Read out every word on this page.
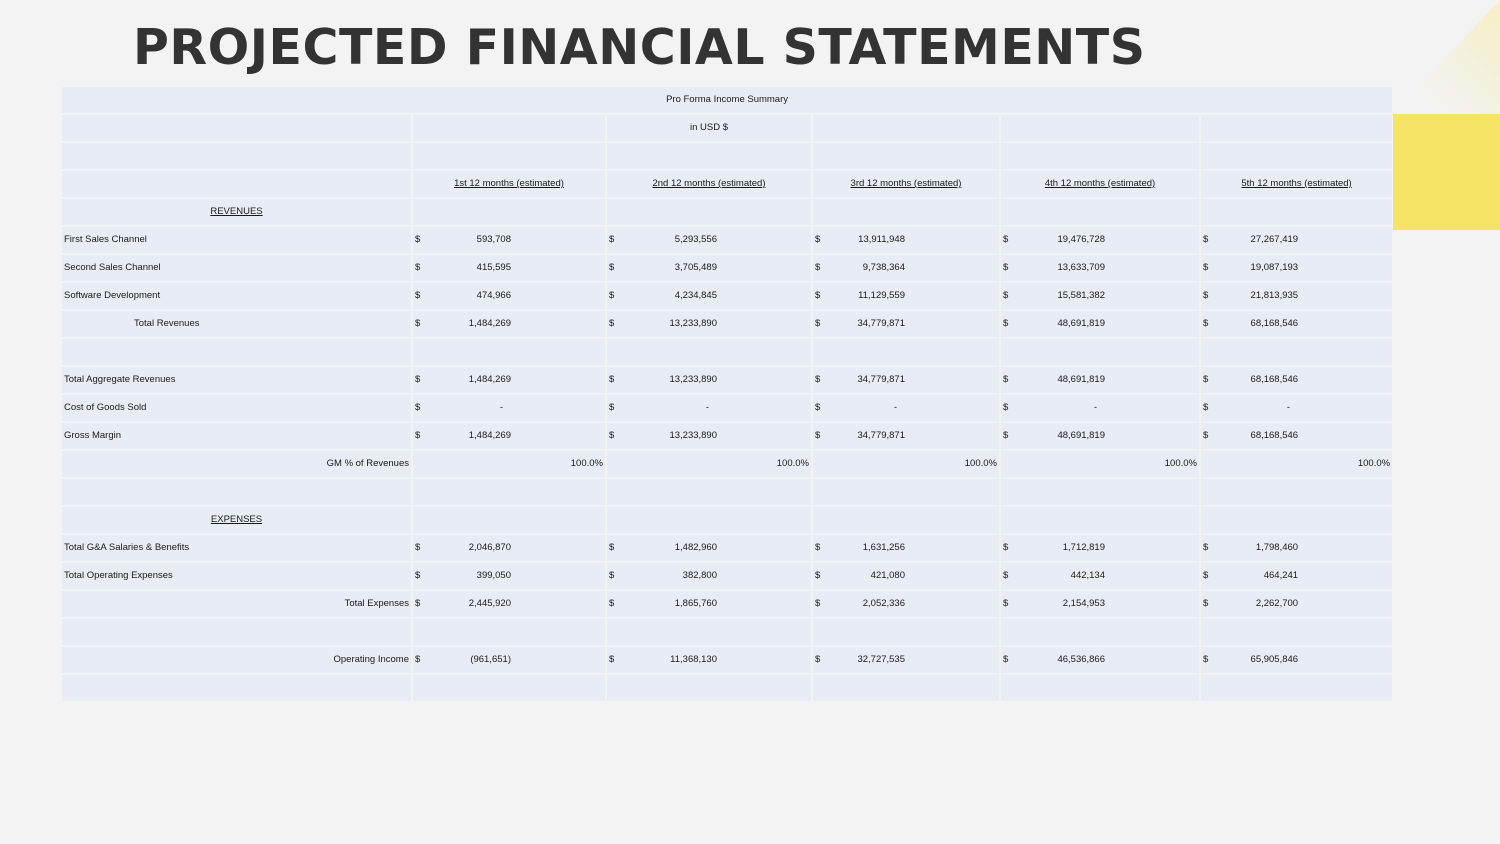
PROJECTED FINANCIAL STATEMENTS
Pro Forma Income Summary					
		in USD $			

	1st 12 months (estimated)	2nd 12 months (estimated)	3rd 12 months (estimated)	4th 12 months (estimated)	5th 12 months (estimated)
REVENUES					
First Sales Channel	$ 593,708	$ 5,293,556	$ 13,911,948	$ 19,476,728	$ 27,267,419

Second Sales Channel	$ 415,595	$ 3,705,489	$ 9,738,364	$ 13,633,709	$ 19,087,193

Software Development	$ 474,966	$ 4,234,845	$ 11,129,559	$ 15,581,382	$ 21,813,935

Total Revenues	$ 1,484,269	$ 13,233,890	$ 34,779,871	$ 48,691,819	$ 68,168,546

Total Aggregate Revenues	$ 1,484,269	$ 13,233,890	$ 34,779,871	$ 48,691,819	$ 68,168,546

Cost of Goods Sold	$ -	$ -	$ -	$ -	$ -

Gross Margin	$ 1,484,269	$ 13,233,890	$ 34,779,871	$ 48,691,819	$ 68,168,546

GM % of Revenues	100.0%	100.0%	100.0%	100.0%	100.0%

EXPENSES					
Total G&A Salaries & Benefits	$ 2,046,870	$ 1,482,960	$ 1,631,256	$ 1,712,819	$ 1,798,460

Total Operating Expenses	$ 399,050	$ 382,800	$ 421,080	$ 442,134	$ 464,241

Total Expenses	$ 2,445,920	$ 1,865,760	$ 2,052,336	$ 2,154,953	$ 2,262,700

Operating Income	$ (961,651)	$ 11,368,130	$ 32,727,535	$ 46,536,866	$ 65,905,846
